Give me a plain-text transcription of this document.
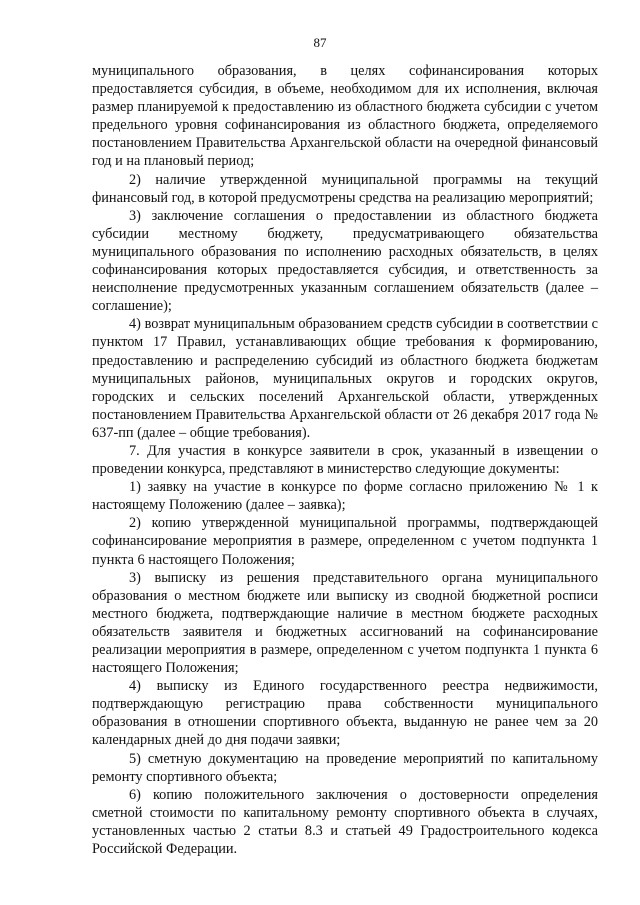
87

муниципального образования, в целях софинансирования которых предоставляется субсидия, в объеме, необходимом для их исполнения, включая размер планируемой к предоставлению из областного бюджета субсидии с учетом предельного уровня софинансирования из областного бюджета, определяемого постановлением Правительства Архангельской области на очередной финансовый год и на плановый период;

2) наличие утвержденной муниципальной программы на текущий финансовый год, в которой предусмотрены средства на реализацию мероприятий;

3) заключение соглашения о предоставлении из областного бюджета субсидии местному бюджету, предусматривающего обязательства муниципального образования по исполнению расходных обязательств, в целях софинансирования которых предоставляется субсидия, и ответственность за неисполнение предусмотренных указанным соглашением обязательств (далее – соглашение);

4) возврат муниципальным образованием средств субсидии в соответствии с пунктом 17 Правил, устанавливающих общие требования к формированию, предоставлению и распределению субсидий из областного бюджета бюджетам муниципальных районов, муниципальных округов и городских округов, городских и сельских поселений Архангельской области, утвержденных постановлением Правительства Архангельской области от 26 декабря 2017 года № 637-пп (далее – общие требования).

7. Для участия в конкурсе заявители в срок, указанный в извещении о проведении конкурса, представляют в министерство следующие документы:

1) заявку на участие в конкурсе по форме согласно приложению № 1 к настоящему Положению (далее – заявка);

2) копию утвержденной муниципальной программы, подтверждающей софинансирование мероприятия в размере, определенном с учетом подпункта 1 пункта 6 настоящего Положения;

3) выписку из решения представительного органа муниципального образования о местном бюджете или выписку из сводной бюджетной росписи местного бюджета, подтверждающие наличие в местном бюджете расходных обязательств заявителя и бюджетных ассигнований на софинансирование реализации мероприятия в размере, определенном с учетом подпункта 1 пункта 6 настоящего Положения;

4) выписку из Единого государственного реестра недвижимости, подтверждающую регистрацию права собственности муниципального образования в отношении спортивного объекта, выданную не ранее чем за 20 календарных дней до дня подачи заявки;

5) сметную документацию на проведение мероприятий по капитальному ремонту спортивного объекта;

6) копию положительного заключения о достоверности определения сметной стоимости по капитальному ремонту спортивного объекта в случаях, установленных частью 2 статьи 8.3 и статьей 49 Градостроительного кодекса Российской Федерации.
